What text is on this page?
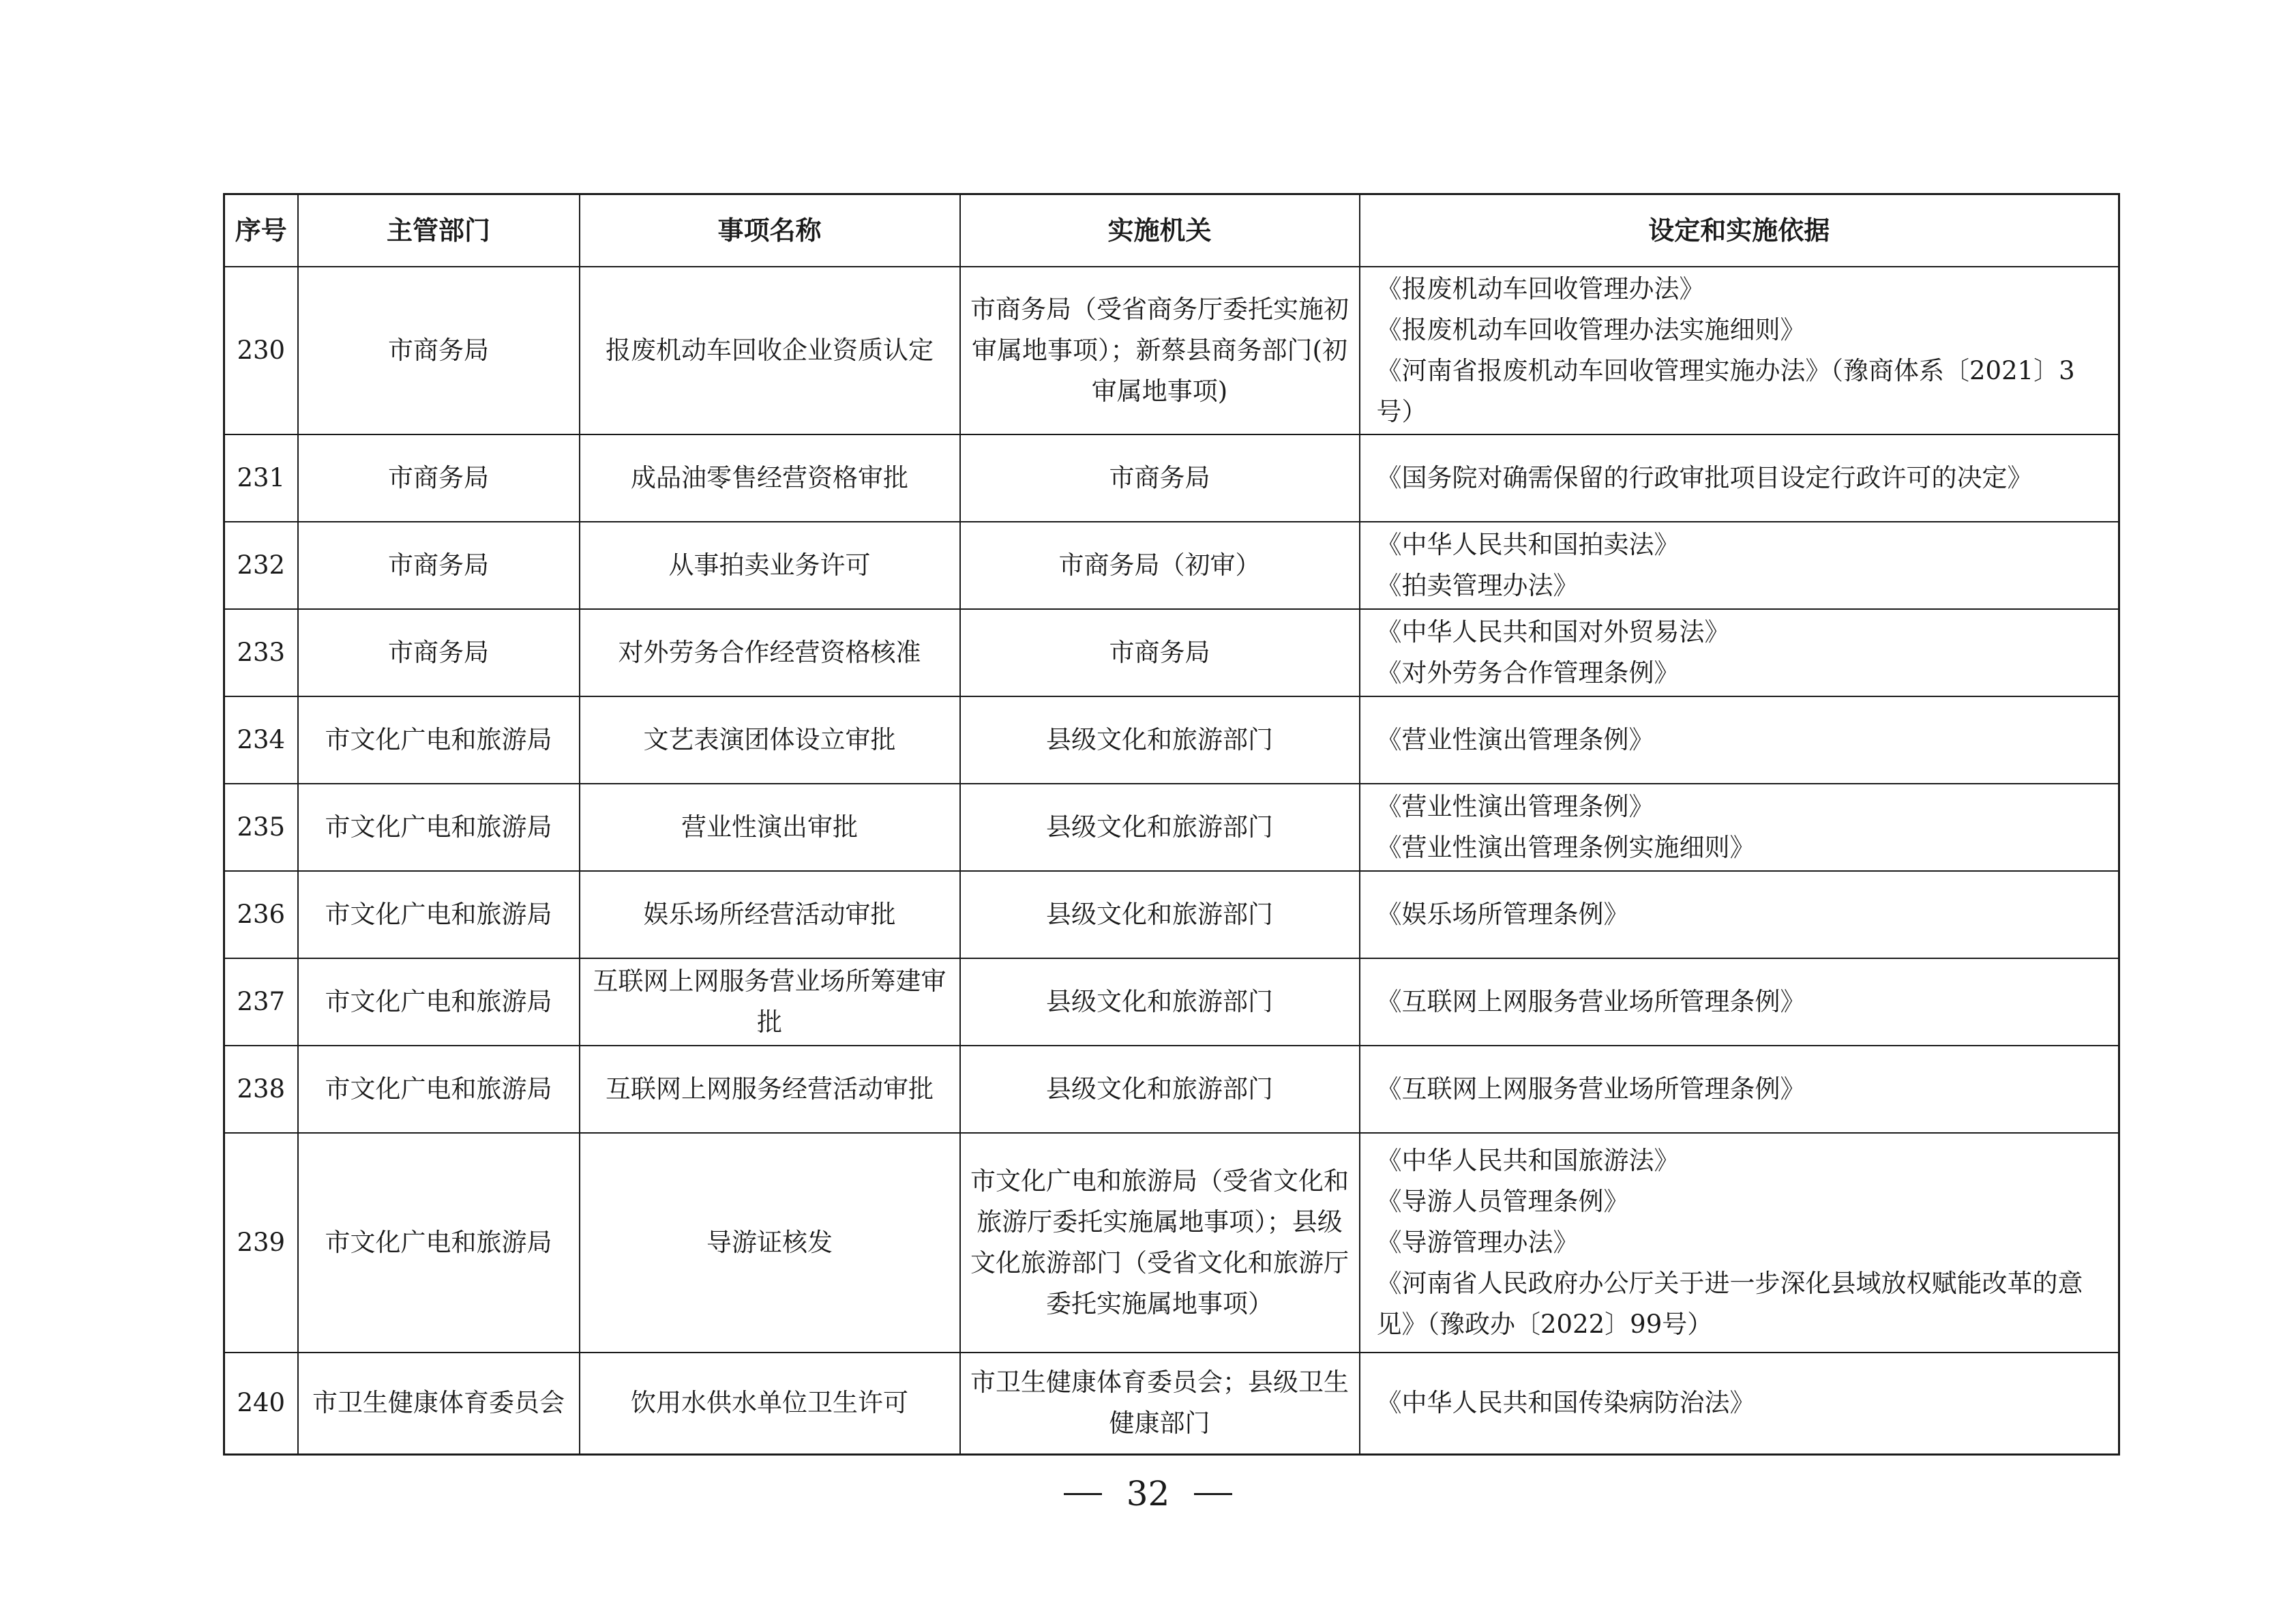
序号	主管部门	事项名称	实施机关	设定和实施依据
230	市商务局	报废机动车回收企业资质认定	市商务局（受省商务厅委托实施初审属地事项）；新蔡县商务部门(初审属地事项)	《报废机动车回收管理办法》
《报废机动车回收管理办法实施细则》
《河南省报废机动车回收管理实施办法》（豫商体系〔2021〕3号）

231	市商务局	成品油零售经营资格审批	市商务局	《国务院对确需保留的行政审批项目设定行政许可的决定》

232	市商务局	从事拍卖业务许可	市商务局（初审）	《中华人民共和国拍卖法》
《拍卖管理办法》

233	市商务局	对外劳务合作经营资格核准	市商务局	《中华人民共和国对外贸易法》
《对外劳务合作管理条例》

234	市文化广电和旅游局	文艺表演团体设立审批	县级文化和旅游部门	《营业性演出管理条例》

235	市文化广电和旅游局	营业性演出审批	县级文化和旅游部门	《营业性演出管理条例》
《营业性演出管理条例实施细则》

236	市文化广电和旅游局	娱乐场所经营活动审批	县级文化和旅游部门	《娱乐场所管理条例》

237	市文化广电和旅游局	互联网上网服务营业场所筹建审批	县级文化和旅游部门	《互联网上网服务营业场所管理条例》

238	市文化广电和旅游局	互联网上网服务经营活动审批	县级文化和旅游部门	《互联网上网服务营业场所管理条例》

239	市文化广电和旅游局	导游证核发	市文化广电和旅游局（受省文化和旅游厅委托实施属地事项）；县级文化旅游部门（受省文化和旅游厅委托实施属地事项）	《中华人民共和国旅游法》
《导游人员管理条例》
《导游管理办法》
《河南省人民政府办公厅关于进一步深化县域放权赋能改革的意见》（豫政办〔2022〕99号）

240	市卫生健康体育委员会	饮用水供水单位卫生许可	市卫生健康体育委员会；县级卫生健康部门	《中华人民共和国传染病防治法》
32
